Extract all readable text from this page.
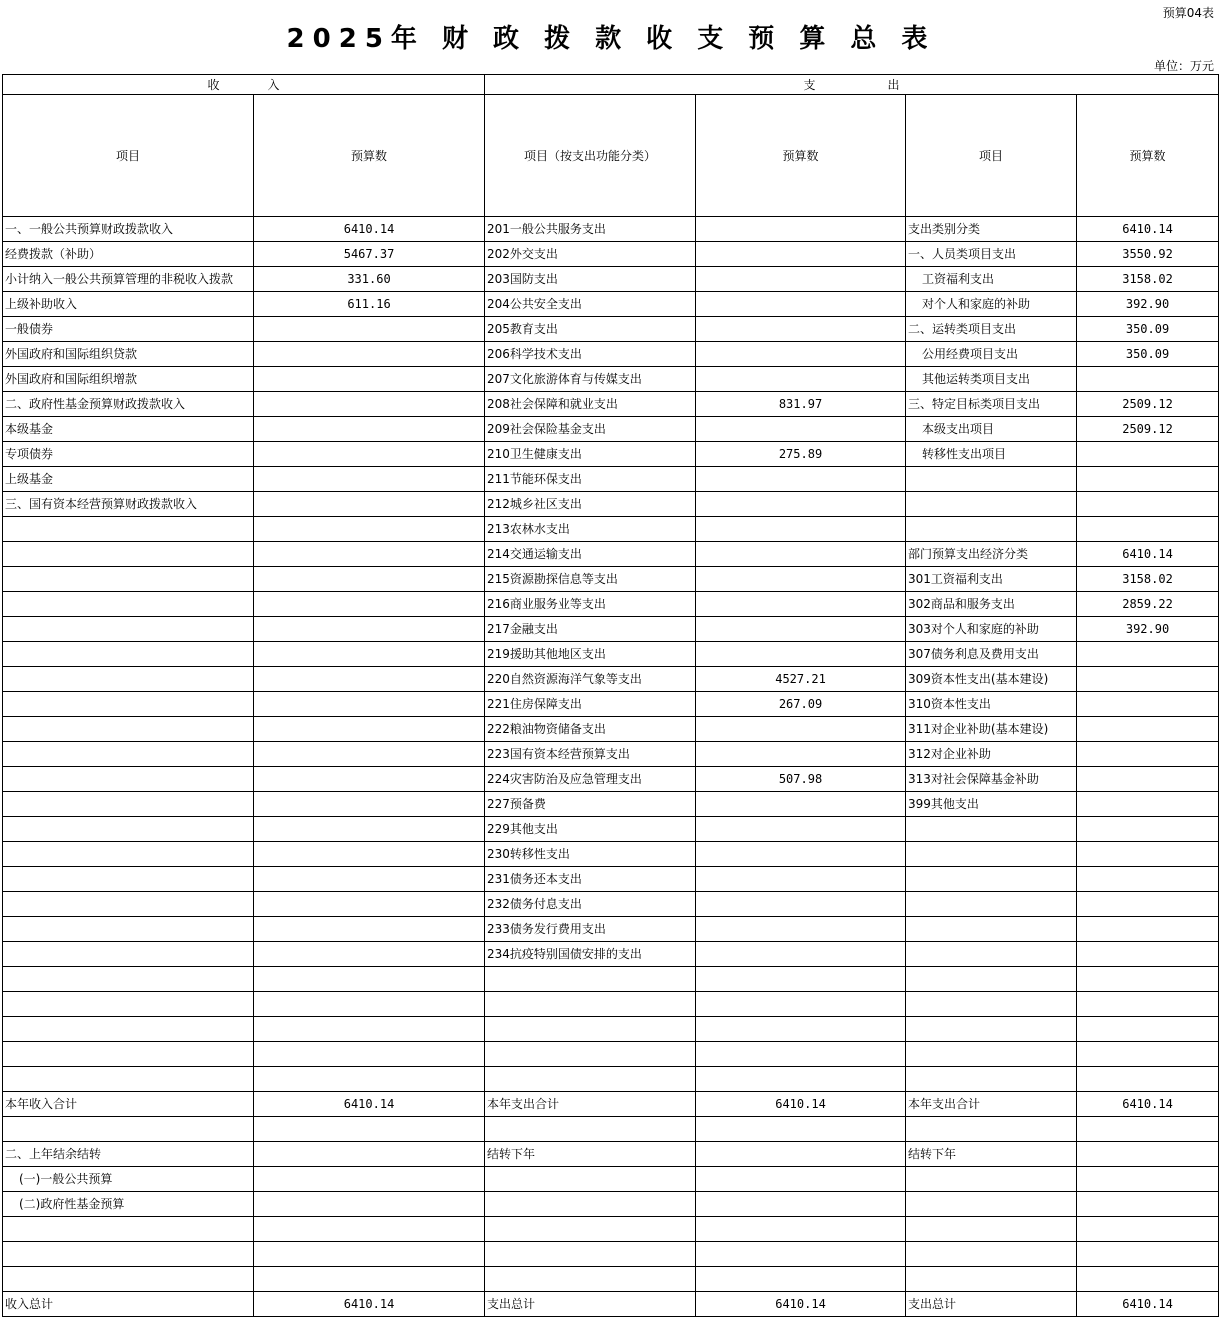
预算04表
2025年 财 政 拨 款 收 支 预 算 总 表
单位：万元
收　　　　入		支　　　　　　出			
项目	预算数	项目（按支出功能分类）	预算数	项目	预算数
一、一般公共预算财政拨款收入	6410.14	201一般公共服务支出		支出类别分类	6410.14
经费拨款（补助）	5467.37	202外交支出		一、人员类项目支出	3550.92
小计纳入一般公共预算管理的非税收入拨款	331.60	203国防支出		工资福利支出	3158.02
上级补助收入	611.16	204公共安全支出		对个人和家庭的补助	392.90
一般债券		205教育支出		二、运转类项目支出	350.09
外国政府和国际组织贷款		206科学技术支出		公用经费项目支出	350.09
外国政府和国际组织增款		207文化旅游体育与传媒支出		其他运转类项目支出	
二、政府性基金预算财政拨款收入		208社会保障和就业支出	831.97	三、特定目标类项目支出	2509.12
本级基金		209社会保险基金支出		本级支出项目	2509.12
专项债券		210卫生健康支出	275.89	转移性支出项目	
上级基金		211节能环保支出			
三、国有资本经营预算财政拨款收入		212城乡社区支出			
		213农林水支出			
		214交通运输支出		部门预算支出经济分类	6410.14
		215资源勘探信息等支出		301工资福利支出	3158.02
		216商业服务业等支出		302商品和服务支出	2859.22
		217金融支出		303对个人和家庭的补助	392.90
		219援助其他地区支出		307债务利息及费用支出	
		220自然资源海洋气象等支出	4527.21	309资本性支出(基本建设)	
		221住房保障支出	267.09	310资本性支出	
		222粮油物资储备支出		311对企业补助(基本建设)	
		223国有资本经营预算支出		312对企业补助	
		224灾害防治及应急管理支出	507.98	313对社会保障基金补助	
		227预备费		399其他支出	
		229其他支出			
		230转移性支出			
		231债务还本支出			
		232债务付息支出			
		233债务发行费用支出			
		234抗疫特别国债安排的支出			

本年收入合计	6410.14	本年支出合计	6410.14	本年支出合计	6410.14

二、上年结余结转		结转下年		结转下年	
(一)一般公共预算					
(二)政府性基金预算					

收入总计	6410.14	支出总计	6410.14	支出总计	6410.14
